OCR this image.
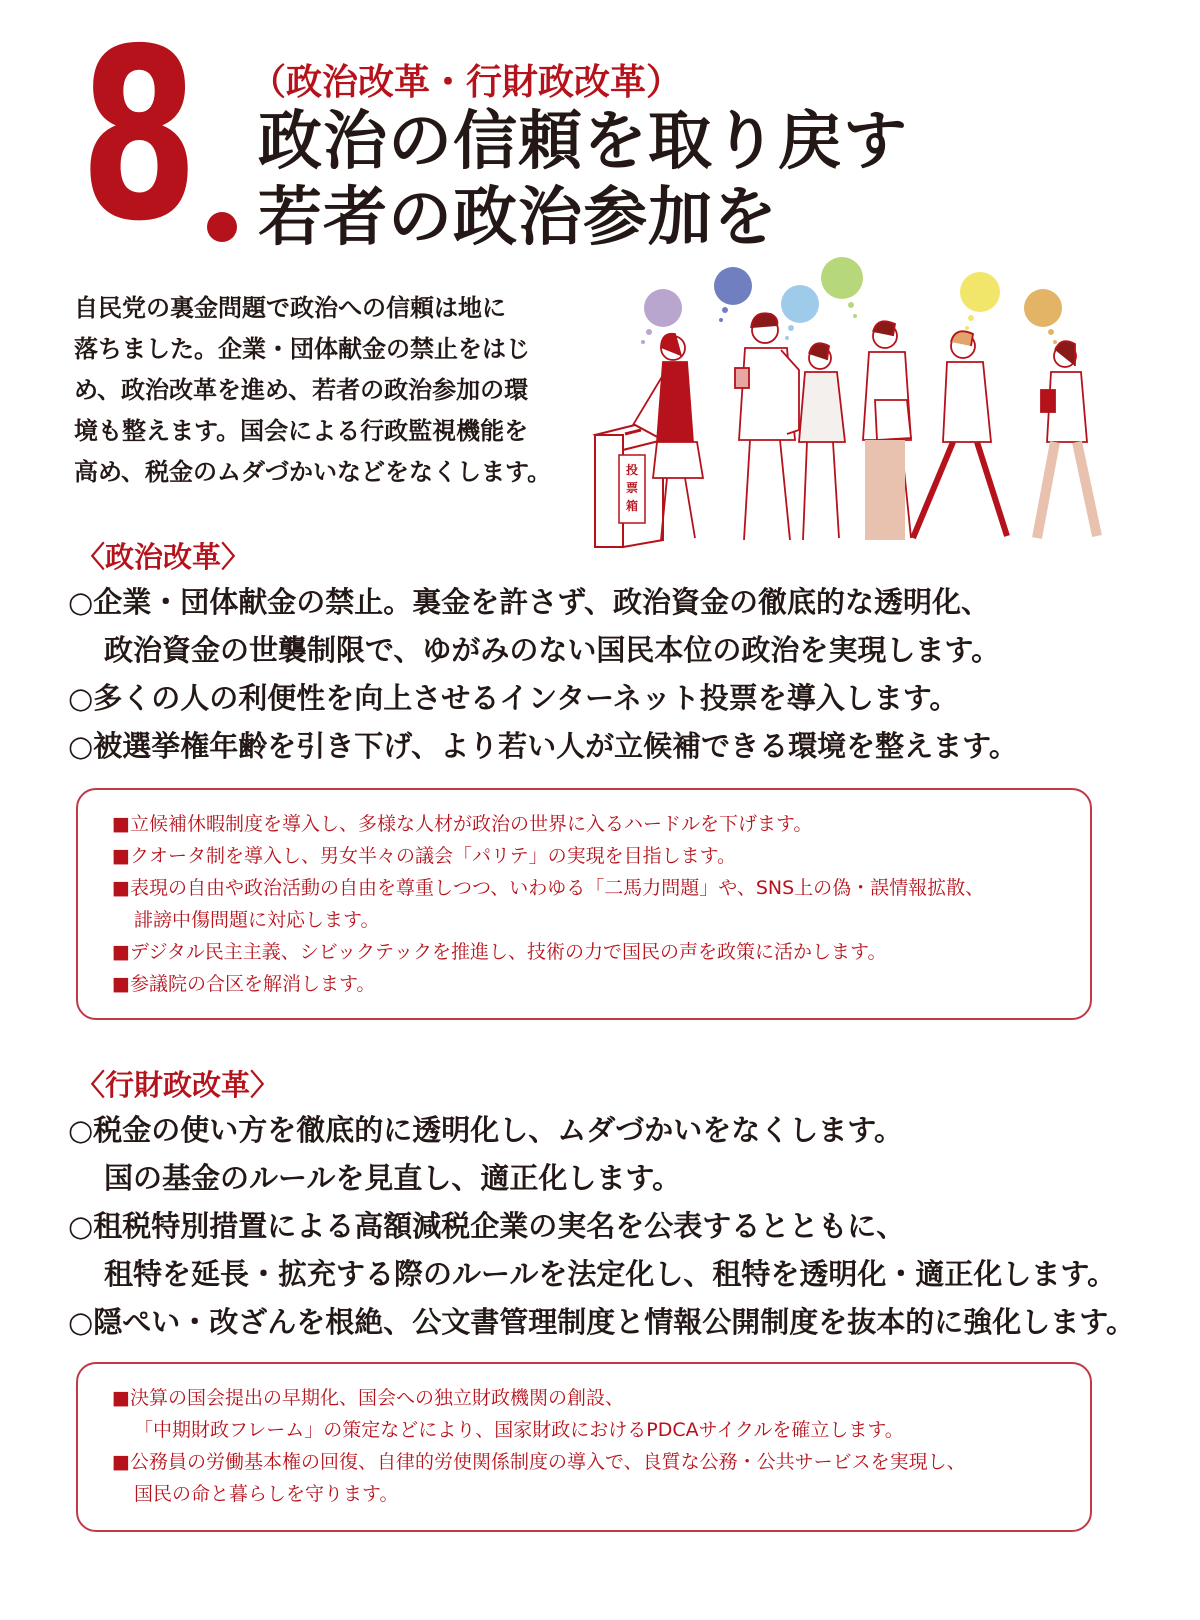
8 （政治改革・行財政改革）
政治の信頼を取り戻す
若者の政治参加を
自民党の裏金問題で政治への信頼は地に
落ちました。企業・団体献金の禁止をはじ
め、政治改革を進め、若者の政治参加の環
境も整えます。国会による行政監視機能を
高め、税金のムダづかいなどをなくします。	投
票
箱
〈政治改革〉
○企業・団体献金の禁止。裏金を許さず、政治資金の徹底的な透明化、
政治資金の世襲制限で、ゆがみのない国民本位の政治を実現します。
○多くの人の利便性を向上させるインターネット投票を導入します。
○被選挙権年齢を引き下げ、より若い人が立候補できる環境を整えます。
■立候補休暇制度を導入し、多様な人材が政治の世界に入るハードルを下げます。
■クオータ制を導入し、男女半々の議会「パリテ」の実現を目指します。
■表現の自由や政治活動の自由を尊重しつつ、いわゆる「二馬力問題」や、SNS上の偽・誤情報拡散、
誹謗中傷問題に対応します。
■デジタル民主主義、シビックテックを推進し、技術の力で国民の声を政策に活かします。
■参議院の合区を解消します。
〈行財政改革〉
○税金の使い方を徹底的に透明化し、ムダづかいをなくします。
国の基金のルールを見直し、適正化します。
○租税特別措置による高額減税企業の実名を公表するとともに、
租特を延長・拡充する際のルールを法定化し、租特を透明化・適正化します。
○隠ぺい・改ざんを根絶、公文書管理制度と情報公開制度を抜本的に強化します。
■決算の国会提出の早期化、国会への独立財政機関の創設、
「中期財政フレーム」の策定などにより、国家財政におけるPDCAサイクルを確立します。
■公務員の労働基本権の回復、自律的労使関係制度の導入で、良質な公務・公共サービスを実現し、
国民の命と暮らしを守ります。
